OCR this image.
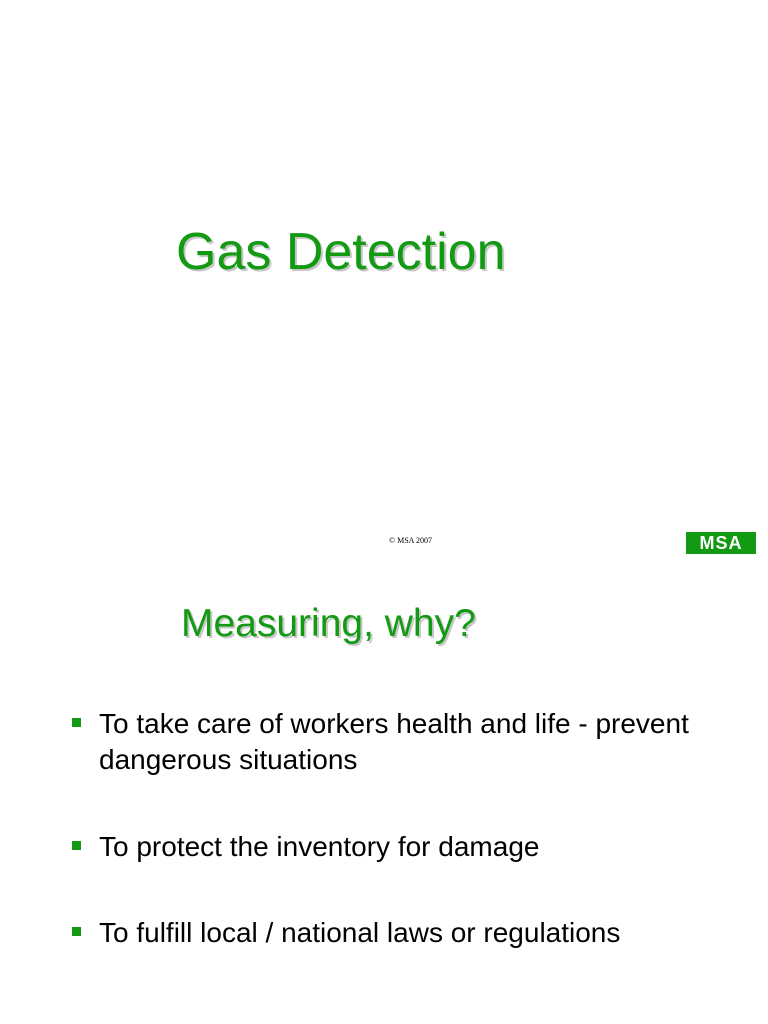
Gas Detection
© MSA 2007	MSA
Measuring, why?
To take care of workers health and life - prevent dangerous situations
To protect the inventory for damage
To fulfill local / national laws or regulations
